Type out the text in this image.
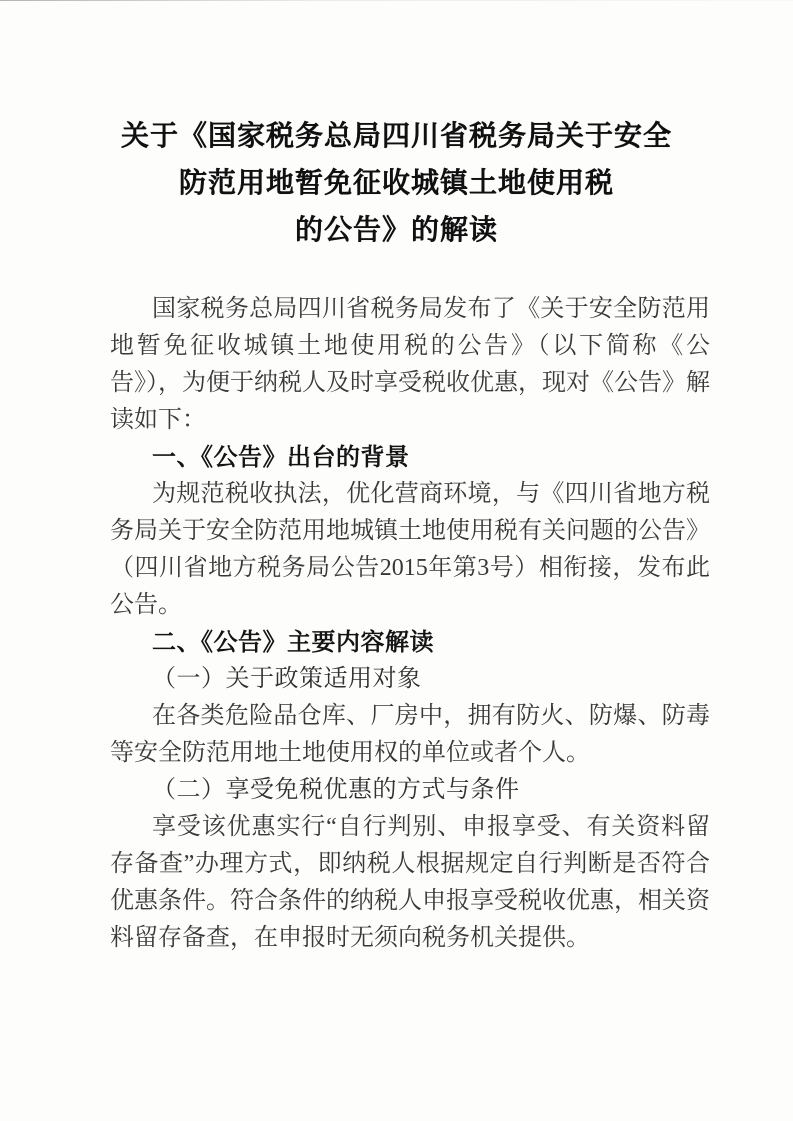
关于《国家税务总局四川省税务局关于安全
防范用地暂免征收城镇土地使用税
的公告》的解读

国家税务总局四川省税务局发布了《关于安全防范用地暂免征收城镇土地使用税的公告》（以下简称《公告》），为便于纳税人及时享受税收优惠，现对《公告》解读如下：

一、《公告》出台的背景

为规范税收执法，优化营商环境，与《四川省地方税务局关于安全防范用地城镇土地使用税有关问题的公告》（四川省地方税务局公告2015年第3号）相衔接，发布此公告。

二、《公告》主要内容解读
（一）关于政策适用对象

在各类危险品仓库、厂房中，拥有防火、防爆、防毒等安全防范用地土地使用权的单位或者个人。

（二）享受免税优惠的方式与条件

享受该优惠实行“自行判别、申报享受、有关资料留存备查”办理方式，即纳税人根据规定自行判断是否符合优惠条件。符合条件的纳税人申报享受税收优惠，相关资料留存备查，在申报时无须向税务机关提供。
